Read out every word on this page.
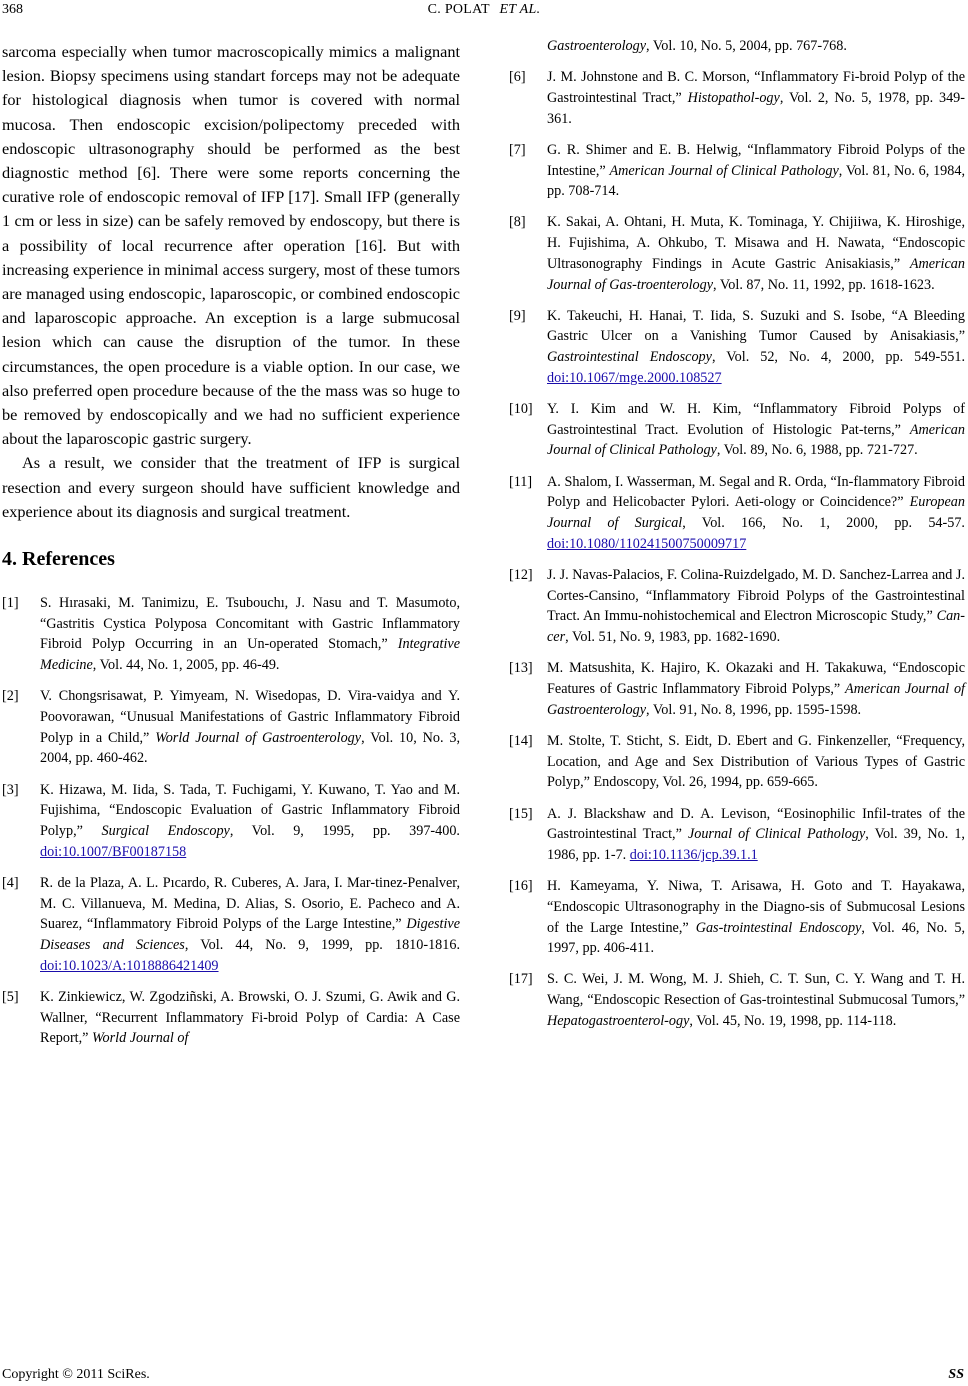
368	C. POLAT ET AL.

sarcoma especially when tumor macroscopically mimics a malignant lesion. Biopsy specimens using standart forceps may not be adequate for histological diagnosis when tumor is covered with normal mucosa. Then endoscopic excision/polipectomy preceded with endoscopic ultrasonography should be performed as the best diagnostic method [6]. There were some reports concerning the curative role of endoscopic removal of IFP [17]. Small IFP (generally 1 cm or less in size) can be safely removed by endoscopy, but there is a possibility of local recurrence after operation [16]. But with increasing experience in minimal access surgery, most of these tumors are managed using endoscopic, laparoscopic, or combined endoscopic and laparoscopic approache. An exception is a large submucosal lesion which can cause the disruption of the tumor. In these circumstances, the open procedure is a viable option. In our case, we also preferred open procedure because of the the mass was so huge to be removed by endoscopically and we had no sufficient experience about the laparoscopic gastric surgery.

As a result, we consider that the treatment of IFP is surgical resection and every surgeon should have sufficient knowledge and experience about its diagnosis and surgical treatment.

4. References
[1]	S. Hırasaki, M. Tanimizu, E. Tsubouchı, J. Nasu and T. Masumoto, “Gastritis Cystica Polyposa Concomitant with Gastric Inflammatory Fibroid Polyp Occurring in an Un-operated Stomach,” Integrative Medicine, Vol. 44, No. 1, 2005, pp. 46-49.
[2]	V. Chongsrisawat, P. Yimyeam, N. Wisedopas, D. Vira-vaidya and Y. Poovorawan, “Unusual Manifestations of Gastric Inflammatory Fibroid Polyp in a Child,” World Journal of Gastroenterology, Vol. 10, No. 3, 2004, pp. 460-462.
[3]	K. Hizawa, M. Iida, S. Tada, T. Fuchigami, Y. Kuwano, T. Yao and M. Fujishima, “Endoscopic Evaluation of Gastric Inflammatory Fibroid Polyp,” Surgical Endoscopy, Vol. 9, 1995, pp. 397-400. doi:10.1007/BF00187158
[4]	R. de la Plaza, A. L. Pıcardo, R. Cuberes, A. Jara, I. Mar-tinez-Penalver, M. C. Villanueva, M. Medina, D. Alias, S. Osorio, E. Pacheco and A. Suarez, “Inflammatory Fibroid Polyps of the Large Intestine,” Digestive Diseases and Sciences, Vol. 44, No. 9, 1999, pp. 1810-1816. doi:10.1023/A:1018886421409
[5]	K. Zinkiewicz, W. Zgodziñski, A. Browski, O. J. Szumi, G. Awik and G. Wallner, “Recurrent Inflammatory Fi-broid Polyp of Cardia: A Case Report,” World Journal of
Gastroenterology, Vol. 10, No. 5, 2004, pp. 767-768.
[6]	J. M. Johnstone and B. C. Morson, “Inflammatory Fi-broid Polyp of the Gastrointestinal Tract,” Histopathol-ogy, Vol. 2, No. 5, 1978, pp. 349-361.
[7]	G. R. Shimer and E. B. Helwig, “Inflammatory Fibroid Polyps of the Intestine,” American Journal of Clinical Pathology, Vol. 81, No. 6, 1984, pp. 708-714.
[8]	K. Sakai, A. Ohtani, H. Muta, K. Tominaga, Y. Chijiiwa, K. Hiroshige, H. Fujishima, A. Ohkubo, T. Misawa and H. Nawata, “Endoscopic Ultrasonography Findings in Acute Gastric Anisakiasis,” American Journal of Gas-troenterology, Vol. 87, No. 11, 1992, pp. 1618-1623.
[9]	K. Takeuchi, H. Hanai, T. Iida, S. Suzuki and S. Isobe, “A Bleeding Gastric Ulcer on a Vanishing Tumor Caused by Anisakiasis,” Gastrointestinal Endoscopy, Vol. 52, No. 4, 2000, pp. 549-551. doi:10.1067/mge.2000.108527
[10]	Y. I. Kim and W. H. Kim, “Inflammatory Fibroid Polyps of Gastrointestinal Tract. Evolution of Histologic Pat-terns,” American Journal of Clinical Pathology, Vol. 89, No. 6, 1988, pp. 721-727.
[11]	A. Shalom, I. Wasserman, M. Segal and R. Orda, “In-flammatory Fibroid Polyp and Helicobacter Pylori. Aeti-ology or Coincidence?” European Journal of Surgical, Vol. 166, No. 1, 2000, pp. 54-57. doi:10.1080/110241500750009717
[12]	J. J. Navas-Palacios, F. Colina-Ruizdelgado, M. D. Sanchez-Larrea and J. Cortes-Cansino, “Inflammatory Fibroid Polyps of the Gastrointestinal Tract. An Immu-nohistochemical and Electron Microscopic Study,” Can-cer, Vol. 51, No. 9, 1983, pp. 1682-1690.
[13]	M. Matsushita, K. Hajiro, K. Okazaki and H. Takakuwa, “Endoscopic Features of Gastric Inflammatory Fibroid Polyps,” American Journal of Gastroenterology, Vol. 91, No. 8, 1996, pp. 1595-1598.
[14]	M. Stolte, T. Sticht, S. Eidt, D. Ebert and G. Finkenzeller, “Frequency, Location, and Age and Sex Distribution of Various Types of Gastric Polyp,” Endoscopy, Vol. 26, 1994, pp. 659-665.
[15]	A. J. Blackshaw and D. A. Levison, “Eosinophilic Infil-trates of the Gastrointestinal Tract,” Journal of Clinical Pathology, Vol. 39, No. 1, 1986, pp. 1-7. doi:10.1136/jcp.39.1.1
[16]	H. Kameyama, Y. Niwa, T. Arisawa, H. Goto and T. Hayakawa, “Endoscopic Ultrasonography in the Diagno-sis of Submucosal Lesions of the Large Intestine,” Gas-trointestinal Endoscopy, Vol. 46, No. 5, 1997, pp. 406-411.
[17]	S. C. Wei, J. M. Wong, M. J. Shieh, C. T. Sun, C. Y. Wang and T. H. Wang, “Endoscopic Resection of Gas-trointestinal Submucosal Tumors,” Hepatogastroenterol-ogy, Vol. 45, No. 19, 1998, pp. 114-118.
Copyright © 2011 SciRes.	SS
